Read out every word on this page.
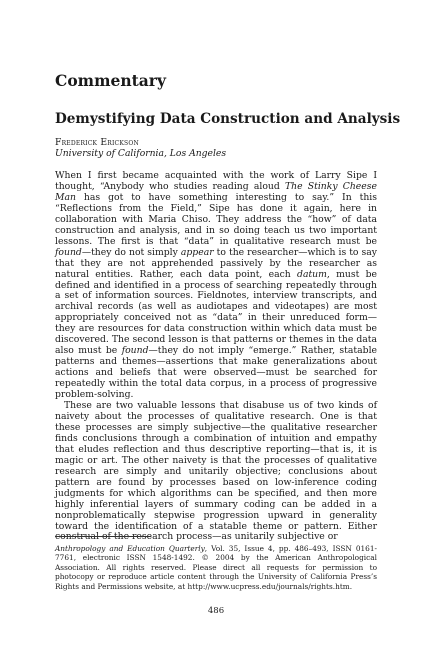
Commentary
Demystifying Data Construction and Analysis
Frederick Erickson
University of California, Los Angeles

When I first became acquainted with the work of Larry Sipe I thought, “Anybody who studies reading aloud The Stinky Cheese Man has got to have something interesting to say.” In this “Reflections from the Field,” Sipe has done it again, here in collaboration with Maria Chiso. They address the “how” of data construction and analysis, and in so doing teach us two important lessons. The first is that “data” in qualitative research must be found—they do not simply appear to the researcher—which is to say that they are not apprehended passively by the researcher as natural entities. Rather, each data point, each datum, must be defined and identified in a process of searching repeatedly through a set of information sources. Fieldnotes, interview transcripts, and archival records (as well as audiotapes and videotapes) are most appropriately conceived not as “data” in their unreduced form—they are resources for data construction within which data must be discovered. The second lesson is that patterns or themes in the data also must be found—they do not imply “emerge.” Rather, statable patterns and themes—assertions that make generalizations about actions and beliefs that were observed—must be searched for repeatedly within the total data corpus, in a process of progressive problem-solving.

These are two valuable lessons that disabuse us of two kinds of naivety about the processes of qualitative research. One is that these processes are simply subjective—the qualitative researcher finds conclusions through a combination of intuition and empathy that eludes reflection and thus descriptive reporting—that is, it is magic or art. The other naivety is that the processes of qualitative research are simply and unitarily objective; conclusions about pattern are found by processes based on low-inference coding judgments for which algorithms can be specified, and then more highly inferential layers of summary coding can be added in a nonproblematically stepwise progression upward in generality toward the identification of a statable theme or pattern. Either construal of the research process—as unitarily subjective or

Anthropology and Education Quarterly, Vol. 35, Issue 4, pp. 486–493, ISSN 0161-7761, electronic ISSN 1548-1492. © 2004 by the American Anthropological Association. All rights reserved. Please direct all requests for permission to photocopy or reproduce article content through the University of California Press’s Rights and Permissions website, at http://www.ucpress.edu/journals/rights.htm.
486
